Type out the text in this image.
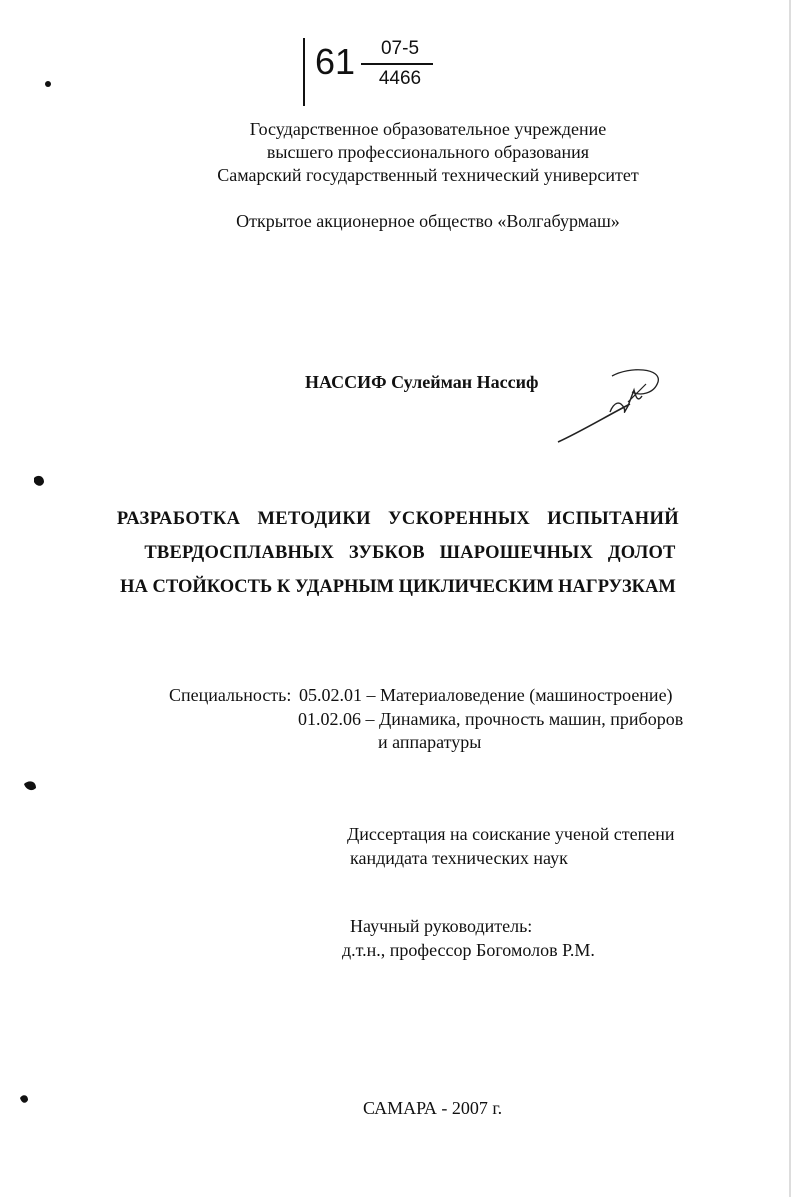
61	07-5
4466
Государственное образовательное учреждение
высшего профессионального образования
Самарский государственный технический университет
Открытое акционерное общество «Волгабурмаш»
НАССИФ Сулейман Нассиф
РАЗРАБОТКА МЕТОДИКИ УСКОРЕННЫХ ИСПЫТАНИЙ
ТВЕРДОСПЛАВНЫХ ЗУБКОВ ШАРОШЕЧНЫХ ДОЛОТ
НА СТОЙКОСТЬ К УДАРНЫМ ЦИКЛИЧЕСКИМ НАГРУЗКАМ
Специальность: 05.02.01 – Материаловедение (машиностроение)
01.02.06 – Динамика, прочность машин, приборов
и аппаратуры
Диссертация на соискание ученой степени
кандидата технических наук
Научный руководитель:
д.т.н., профессор Богомолов Р.М.
САМАРА - 2007 г.
